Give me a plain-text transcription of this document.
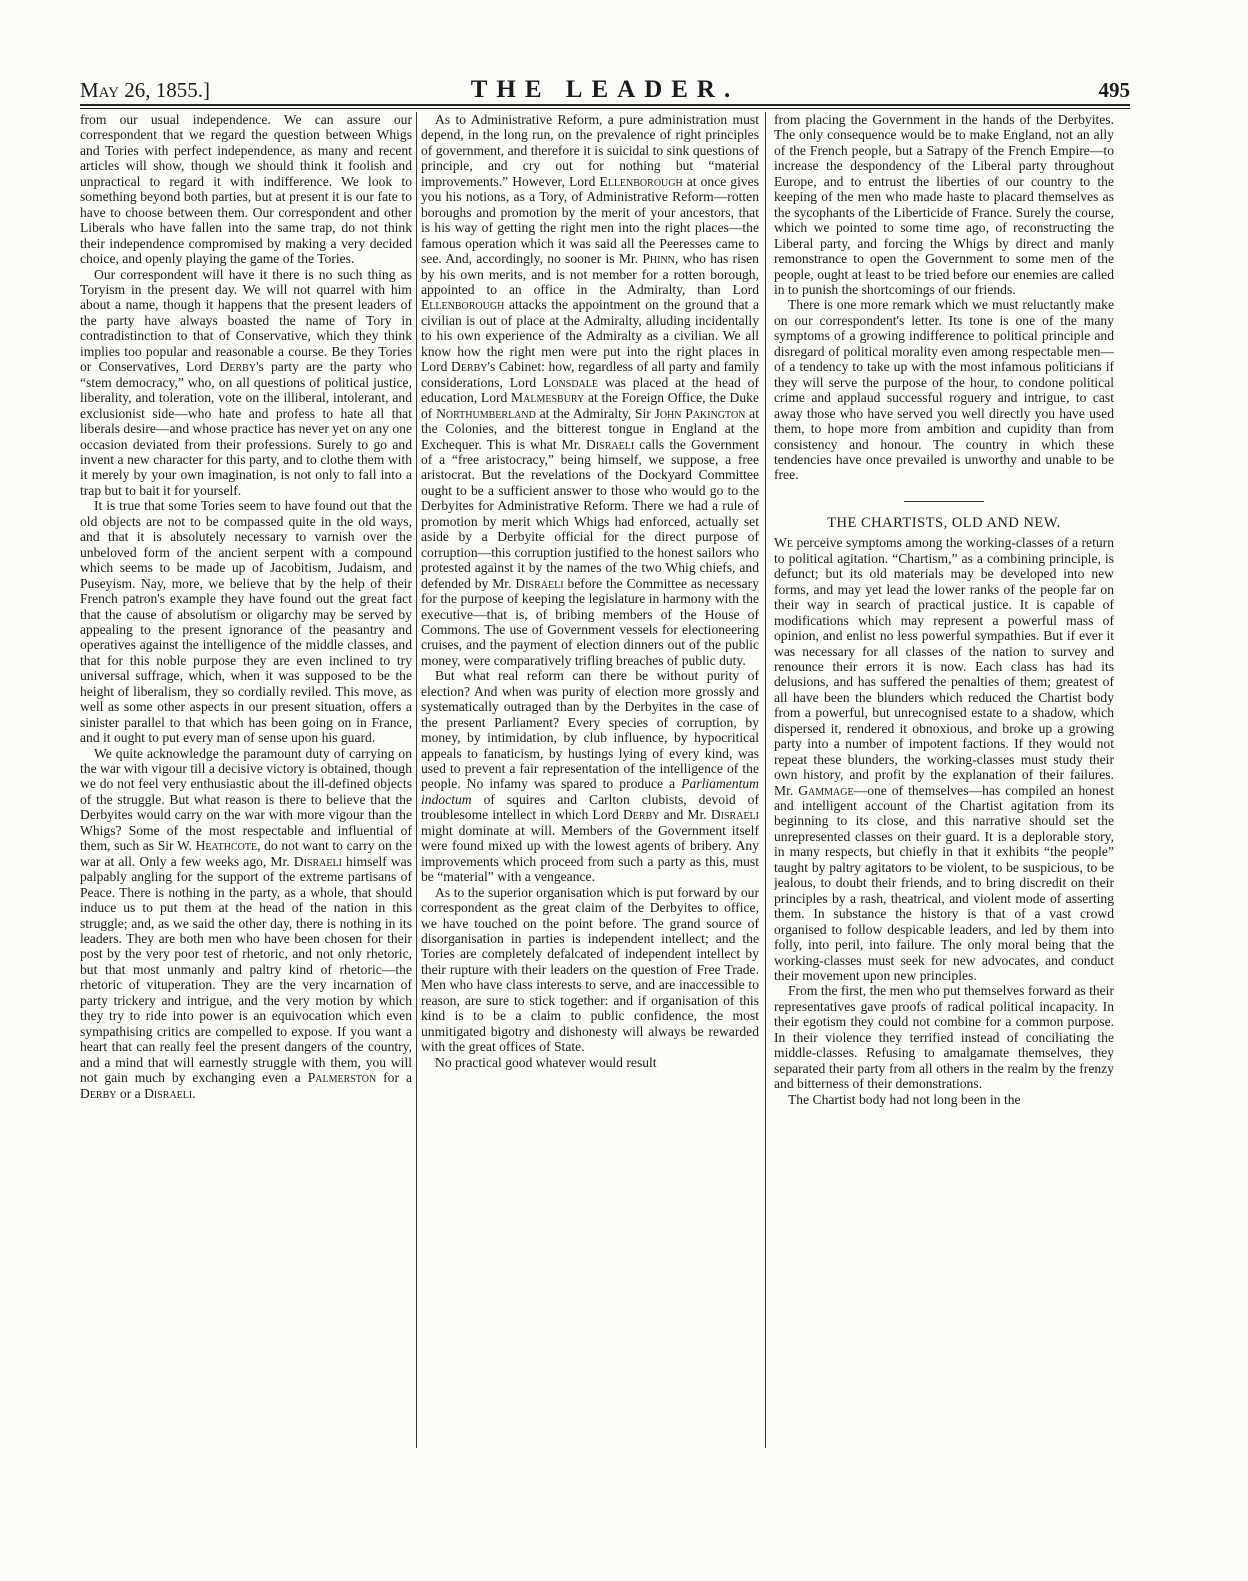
May 26, 1855.]	THE LEADER.	495

from our usual independence. We can assure our correspondent that we regard the question between Whigs and Tories with perfect independence, as many and recent articles will show, though we should think it foolish and unpractical to regard it with indifference. We look to something beyond both parties, but at present it is our fate to have to choose between them. Our correspondent and other Liberals who have fallen into the same trap, do not think their independence compromised by making a very decided choice, and openly playing the game of the Tories.

Our correspondent will have it there is no such thing as Toryism in the present day. We will not quarrel with him about a name, though it happens that the present leaders of the party have always boasted the name of Tory in contradistinction to that of Conservative, which they think implies too popular and reasonable a course. Be they Tories or Conservatives, Lord Derby's party are the party who “stem democracy,” who, on all questions of political justice, liberality, and toleration, vote on the illiberal, intolerant, and exclusionist side—who hate and profess to hate all that liberals desire—and whose practice has never yet on any one occasion deviated from their professions. Surely to go and invent a new character for this party, and to clothe them with it merely by your own imagination, is not only to fall into a trap but to bait it for yourself.

It is true that some Tories seem to have found out that the old objects are not to be compassed quite in the old ways, and that it is absolutely necessary to varnish over the unbeloved form of the ancient serpent with a compound which seems to be made up of Jacobitism, Judaism, and Puseyism. Nay, more, we believe that by the help of their French patron's example they have found out the great fact that the cause of absolutism or oligarchy may be served by appealing to the present ignorance of the peasantry and operatives against the intelligence of the middle classes, and that for this noble purpose they are even inclined to try universal suffrage, which, when it was supposed to be the height of liberalism, they so cordially reviled. This move, as well as some other aspects in our present situation, offers a sinister parallel to that which has been going on in France, and it ought to put every man of sense upon his guard.

We quite acknowledge the paramount duty of carrying on the war with vigour till a decisive victory is obtained, though we do not feel very enthusiastic about the ill-defined objects of the struggle. But what reason is there to believe that the Derbyites would carry on the war with more vigour than the Whigs? Some of the most respectable and influential of them, such as Sir W. Heathcote, do not want to carry on the war at all. Only a few weeks ago, Mr. Disraeli himself was palpably angling for the support of the extreme partisans of Peace. There is nothing in the party, as a whole, that should induce us to put them at the head of the nation in this struggle; and, as we said the other day, there is nothing in its leaders. They are both men who have been chosen for their post by the very poor test of rhetoric, and not only rhetoric, but that most unmanly and paltry kind of rhetoric—the rhetoric of vituperation. They are the very incarnation of party trickery and intrigue, and the very motion by which they try to ride into power is an equivocation which even sympathising critics are compelled to expose. If you want a heart that can really feel the present dangers of the country, and a mind that will earnestly struggle with them, you will not gain much by exchanging even a Palmerston for a Derby or a Disraeli.

As to Administrative Reform, a pure administration must depend, in the long run, on the prevalence of right principles of government, and therefore it is suicidal to sink questions of principle, and cry out for nothing but “material improvements.” However, Lord Ellenborough at once gives you his notions, as a Tory, of Administrative Reform—rotten boroughs and promotion by the merit of your ancestors, that is his way of getting the right men into the right places—the famous operation which it was said all the Peeresses came to see. And, accordingly, no sooner is Mr. Phinn, who has risen by his own merits, and is not member for a rotten borough, appointed to an office in the Admiralty, than Lord Ellenborough attacks the appointment on the ground that a civilian is out of place at the Admiralty, alluding incidentally to his own experience of the Admiralty as a civilian. We all know how the right men were put into the right places in Lord Derby's Cabinet: how, regardless of all party and family considerations, Lord Lonsdale was placed at the head of education, Lord Malmesbury at the Foreign Office, the Duke of Northumberland at the Admiralty, Sir John Pakington at the Colonies, and the bitterest tongue in England at the Exchequer. This is what Mr. Disraeli calls the Government of a “free aristocracy,” being himself, we suppose, a free aristocrat. But the revelations of the Dockyard Committee ought to be a sufficient answer to those who would go to the Derbyites for Administrative Reform. There we had a rule of promotion by merit which Whigs had enforced, actually set aside by a Derbyite official for the direct purpose of corruption—this corruption justified to the honest sailors who protested against it by the names of the two Whig chiefs, and defended by Mr. Disraeli before the Committee as necessary for the purpose of keeping the legislature in harmony with the executive—that is, of bribing members of the House of Commons. The use of Government vessels for electioneering cruises, and the payment of election dinners out of the public money, were comparatively trifling breaches of public duty.

But what real reform can there be without purity of election? And when was purity of election more grossly and systematically outraged than by the Derbyites in the case of the present Parliament? Every species of corruption, by money, by intimidation, by club influence, by hypocritical appeals to fanaticism, by hustings lying of every kind, was used to prevent a fair representation of the intelligence of the people. No infamy was spared to produce a Parliamentum indoctum of squires and Carlton clubists, devoid of troublesome intellect in which Lord Derby and Mr. Disraeli might dominate at will. Members of the Government itself were found mixed up with the lowest agents of bribery. Any improvements which proceed from such a party as this, must be “material” with a vengeance.

As to the superior organisation which is put forward by our correspondent as the great claim of the Derbyites to office, we have touched on the point before. The grand source of disorganisation in parties is independent intellect; and the Tories are completely defalcated of independent intellect by their rupture with their leaders on the question of Free Trade. Men who have class interests to serve, and are inaccessible to reason, are sure to stick together: and if organisation of this kind is to be a claim to public confidence, the most unmitigated bigotry and dishonesty will always be rewarded with the great offices of State.

No practical good whatever would result

from placing the Government in the hands of the Derbyites. The only consequence would be to make England, not an ally of the French people, but a Satrapy of the French Empire—to increase the despondency of the Liberal party throughout Europe, and to entrust the liberties of our country to the keeping of the men who made haste to placard themselves as the sycophants of the Liberticide of France. Surely the course, which we pointed to some time ago, of reconstructing the Liberal party, and forcing the Whigs by direct and manly remonstrance to open the Government to some men of the people, ought at least to be tried before our enemies are called in to punish the shortcomings of our friends.

There is one more remark which we must reluctantly make on our correspondent's letter. Its tone is one of the many symptoms of a growing indifference to political principle and disregard of political morality even among respectable men—of a tendency to take up with the most infamous politicians if they will serve the purpose of the hour, to condone political crime and applaud successful roguery and intrigue, to cast away those who have served you well directly you have used them, to hope more from ambition and cupidity than from consistency and honour. The country in which these tendencies have once prevailed is unworthy and unable to be free.

THE CHARTISTS, OLD AND NEW.

We perceive symptoms among the working-classes of a return to political agitation. “Chartism,” as a combining principle, is defunct; but its old materials may be developed into new forms, and may yet lead the lower ranks of the people far on their way in search of practical justice. It is capable of modifications which may represent a powerful mass of opinion, and enlist no less powerful sympathies. But if ever it was necessary for all classes of the nation to survey and renounce their errors it is now. Each class has had its delusions, and has suffered the penalties of them; greatest of all have been the blunders which reduced the Chartist body from a powerful, but unrecognised estate to a shadow, which dispersed it, rendered it obnoxious, and broke up a growing party into a number of impotent factions. If they would not repeat these blunders, the working-classes must study their own history, and profit by the explanation of their failures. Mr. Gammage—one of themselves—has compiled an honest and intelligent account of the Chartist agitation from its beginning to its close, and this narrative should set the unrepresented classes on their guard. It is a deplorable story, in many respects, but chiefly in that it exhibits “the people” taught by paltry agitators to be violent, to be suspicious, to be jealous, to doubt their friends, and to bring discredit on their principles by a rash, theatrical, and violent mode of asserting them. In substance the history is that of a vast crowd organised to follow despicable leaders, and led by them into folly, into peril, into failure. The only moral being that the working-classes must seek for new advocates, and conduct their movement upon new principles.

From the first, the men who put themselves forward as their representatives gave proofs of radical political incapacity. In their egotism they could not combine for a common purpose. In their violence they terrified instead of conciliating the middle-classes. Refusing to amalgamate themselves, they separated their party from all others in the realm by the frenzy and bitterness of their demonstrations.

The Chartist body had not long been in the
